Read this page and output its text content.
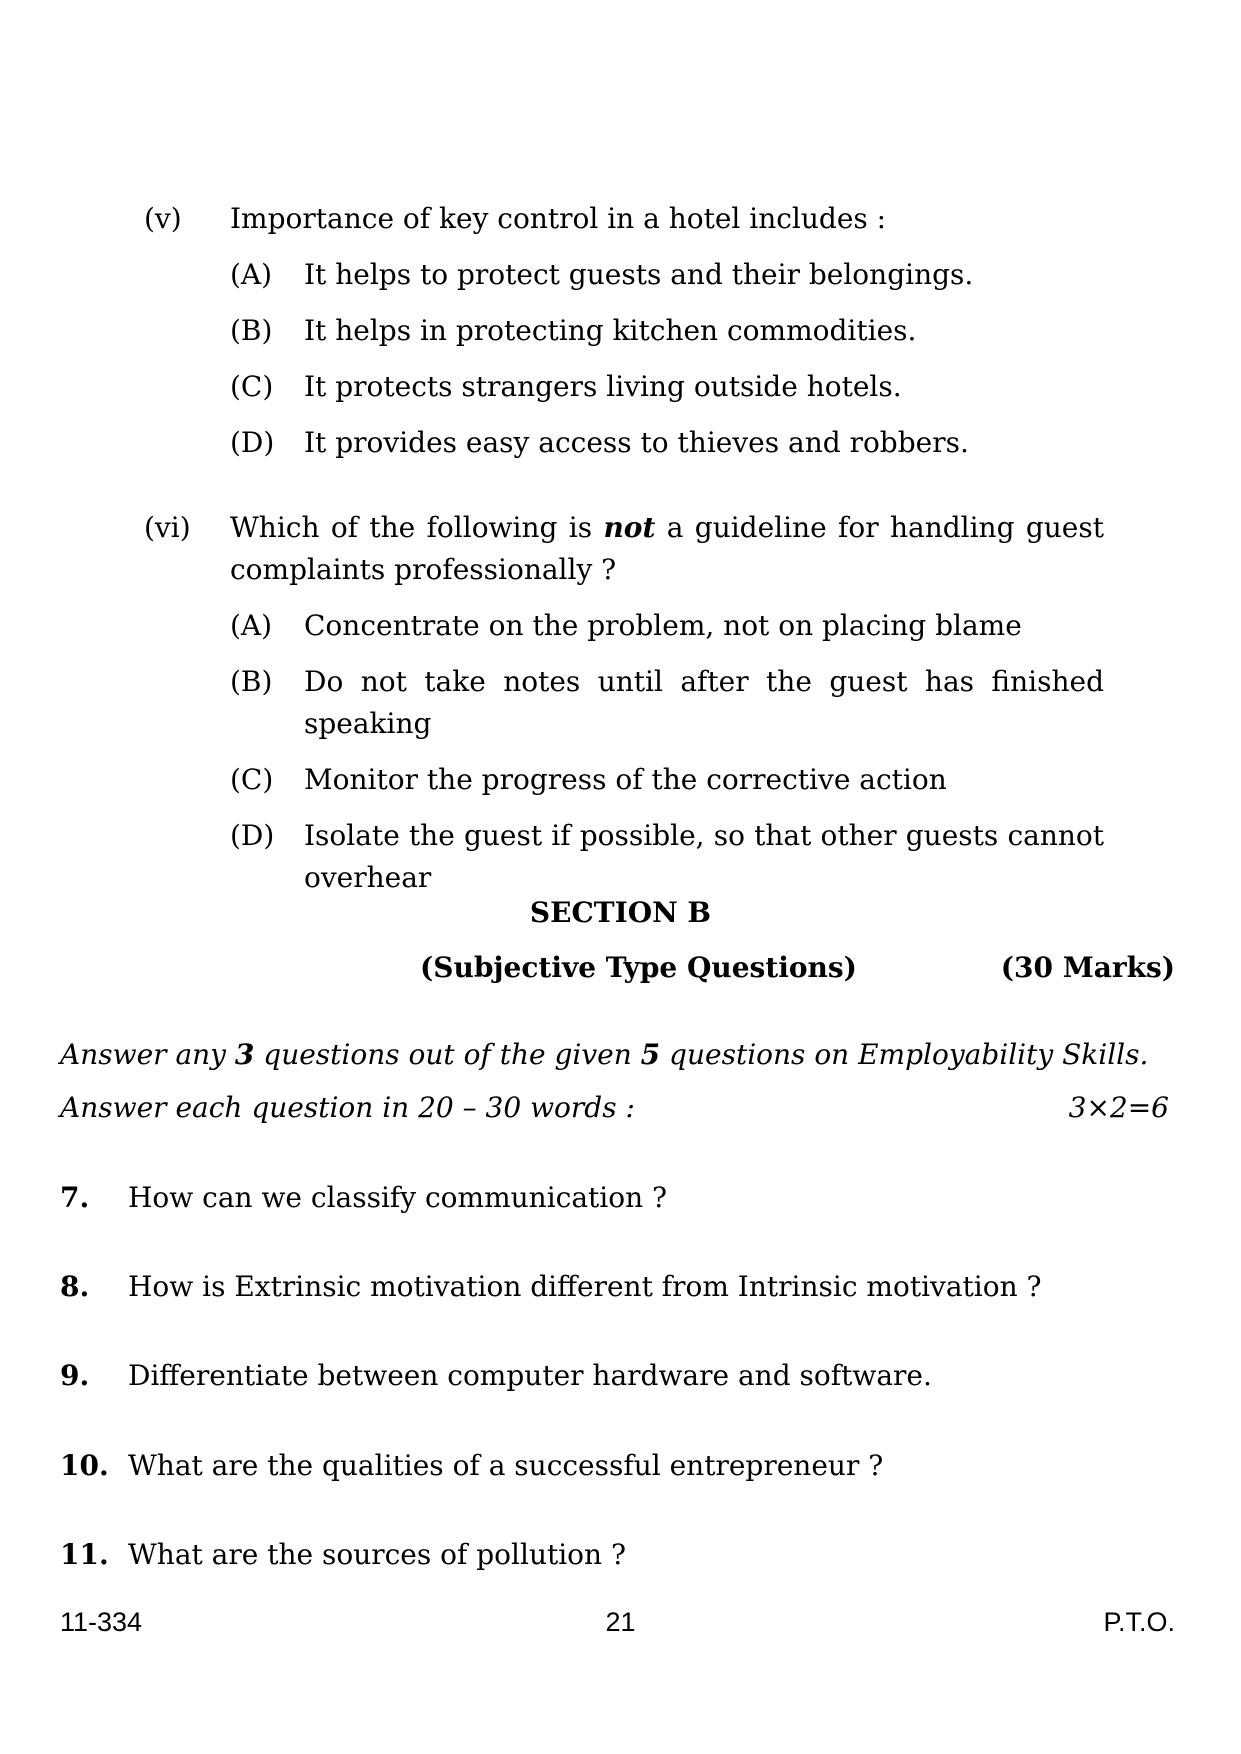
(v) Importance of key control in a hotel includes :
(A) It helps to protect guests and their belongings.
(B) It helps in protecting kitchen commodities.
(C) It protects strangers living outside hotels.
(D) It provides easy access to thieves and robbers.
(vi) Which of the following is not a guideline for handling guest complaints professionally ?
(A) Concentrate on the problem, not on placing blame
(B) Do not take notes until after the guest has finished speaking
(C) Monitor the progress of the corrective action
(D) Isolate the guest if possible, so that other guests cannot overhear
SECTION B
(Subjective Type Questions)	(30 Marks)
Answer any 3 questions out of the given 5 questions on Employability Skills.
Answer each question in 20 – 30 words :	3×2=6
7. How can we classify communication ?
8. How is Extrinsic motivation different from Intrinsic motivation ?
9. Differentiate between computer hardware and software.
10. What are the qualities of a successful entrepreneur ?
11. What are the sources of pollution ?
11-334	21	P.T.O.
